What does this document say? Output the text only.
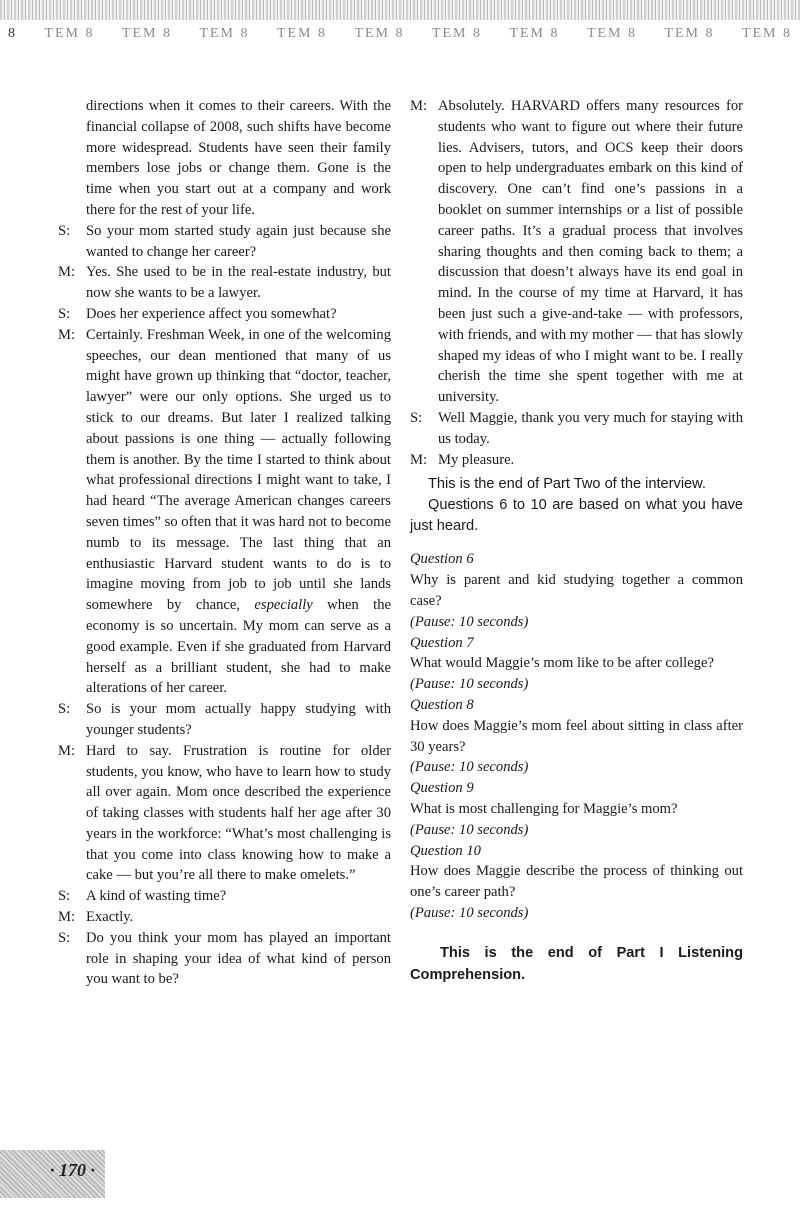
8 TEM 8 TEM 8 TEM 8 TEM 8 TEM 8 TEM 8 TEM 8 TEM 8 TEM 8 TEM 8
directions when it comes to their careers. With the financial collapse of 2008, such shifts have become more widespread. Students have seen their family members lose jobs or change them. Gone is the time when you start out at a company and work there for the rest of your life.
S: So your mom started study again just because she wanted to change her career?
M: Yes. She used to be in the real-estate industry, but now she wants to be a lawyer.
S: Does her experience affect you somewhat?
M: Certainly. Freshman Week, in one of the welcoming speeches, our dean mentioned that many of us might have grown up thinking that “doctor, teacher, lawyer” were our only options. She urged us to stick to our dreams. But later I realized talking about passions is one thing — actually following them is another. By the time I started to think about what professional directions I might want to take, I had heard “The average American changes careers seven times” so often that it was hard not to become numb to its message. The last thing that an enthusiastic Harvard student wants to do is to imagine moving from job to job until she lands somewhere by chance, especially when the economy is so uncertain. My mom can serve as a good example. Even if she graduated from Harvard herself as a brilliant student, she had to make alterations of her career.
S: So is your mom actually happy studying with younger students?
M: Hard to say. Frustration is routine for older students, you know, who have to learn how to study all over again. Mom once described the experience of taking classes with students half her age after 30 years in the workforce: “What’s most challenging is that you come into class knowing how to make a cake — but you’re all there to make omelets.”
S: A kind of wasting time?
M: Exactly.
S: Do you think your mom has played an important role in shaping your idea of what kind of person you want to be?
M: Absolutely. HARVARD offers many resources for students who want to figure out where their future lies. Advisers, tutors, and OCS keep their doors open to help undergraduates embark on this kind of discovery. One can’t find one’s passions in a booklet on summer internships or a list of possible career paths. It’s a gradual process that involves sharing thoughts and then coming back to them; a discussion that doesn’t always have its end goal in mind. In the course of my time at Harvard, it has been just such a give-and-take — with professors, with friends, and with my mother — that has slowly shaped my ideas of who I might want to be. I really cherish the time she spent together with me at university.
S: Well Maggie, thank you very much for staying with us today.
M: My pleasure.

This is the end of Part Two of the interview.

Questions 6 to 10 are based on what you have just heard.

Question 6
Why is parent and kid studying together a common case?
(Pause: 10 seconds)
Question 7
What would Maggie’s mom like to be after college?
(Pause: 10 seconds)
Question 8
How does Maggie’s mom feel about sitting in class after 30 years?
(Pause: 10 seconds)
Question 9
What is most challenging for Maggie’s mom?
(Pause: 10 seconds)
Question 10
How does Maggie describe the process of thinking out one’s career path?
(Pause: 10 seconds)
This is the end of Part I Listening Comprehension.
· 170 ·
